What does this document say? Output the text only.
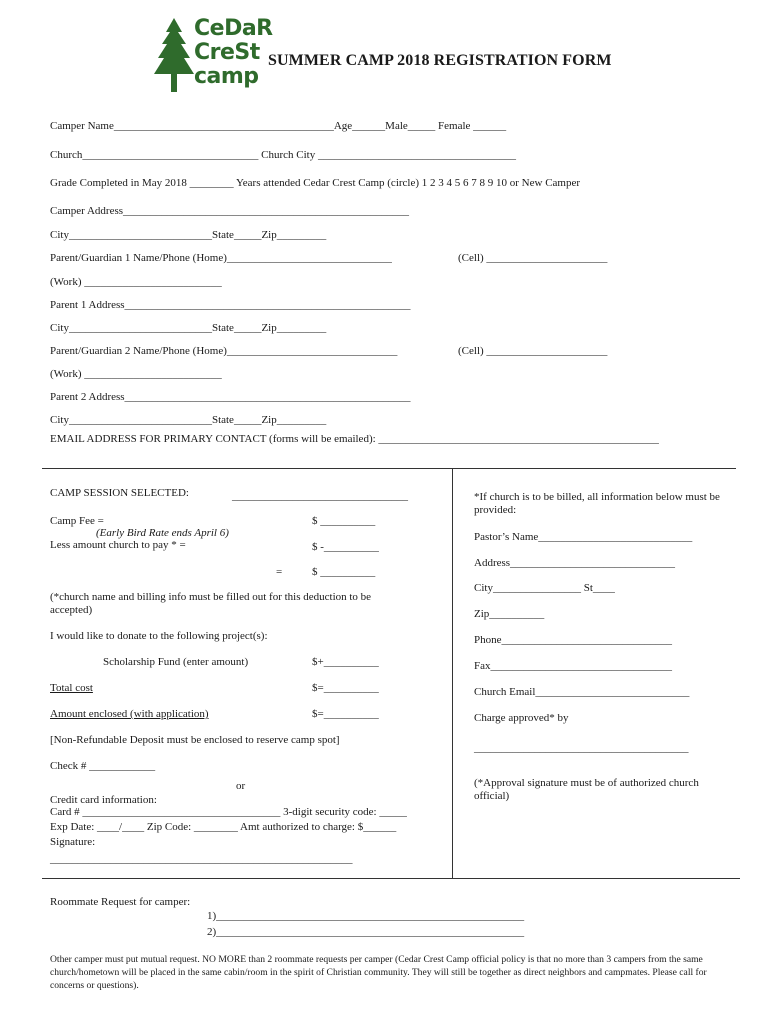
CeDaR
CreSt
camp
SUMMER CAMP 2018 REGISTRATION FORM
Camper Name________________________________________Age______Male_____ Female ______
Church________________________________ Church City ____________________________________
Grade Completed in May 2018 ________ Years attended Cedar Crest Camp (circle) 1 2 3 4 5 6 7 8 9 10 or New Camper
Camper Address____________________________________________________
City__________________________State_____Zip_________
Parent/Guardian 1 Name/Phone (Home)______________________________	(Cell) ______________________
(Work) _________________________
Parent 1 Address____________________________________________________
City__________________________State_____Zip_________
Parent/Guardian 2 Name/Phone (Home)_______________________________	(Cell) ______________________
(Work) _________________________
Parent 2 Address____________________________________________________
City__________________________State_____Zip_________
EMAIL ADDRESS FOR PRIMARY CONTACT (forms will be emailed): ___________________________________________________
CAMP SESSION SELECTED:	________________________________
Camp Fee =	$ __________
(Early Bird Rate ends April 6)
Less amount church to pay * =	$ -__________
=	$ __________
(*church name and billing info must be filled out for this deduction to be accepted)
I would like to donate to the following project(s):
Scholarship Fund (enter amount)	$+__________
Total cost	$=__________
Amount enclosed (with application)	$=__________
[Non-Refundable Deposit must be enclosed to reserve camp spot]
Check # ____________
or
Credit card information:
Card # ____________________________________ 3-digit security code: _____
Exp Date: ____/____ Zip Code: ________ Amt authorized to charge: $______
Signature:
_______________________________________________________
*If church is to be billed, all information below must be provided:
Pastor’s Name____________________________
Address______________________________
City________________ St____
Zip__________
Phone_______________________________
Fax_________________________________
Church Email____________________________
Charge approved* by
_______________________________________
(*Approval signature must be of authorized church official)
Roommate Request for camper:
1)________________________________________________________
2)________________________________________________________
Other camper must put mutual request. NO MORE than 2 roommate requests per camper (Cedar Crest Camp official policy is that no more than 3 campers from the same church/hometown will be placed in the same cabin/room in the spirit of Christian community. They will still be together as direct neighbors and campmates. Please call for concerns or questions).
